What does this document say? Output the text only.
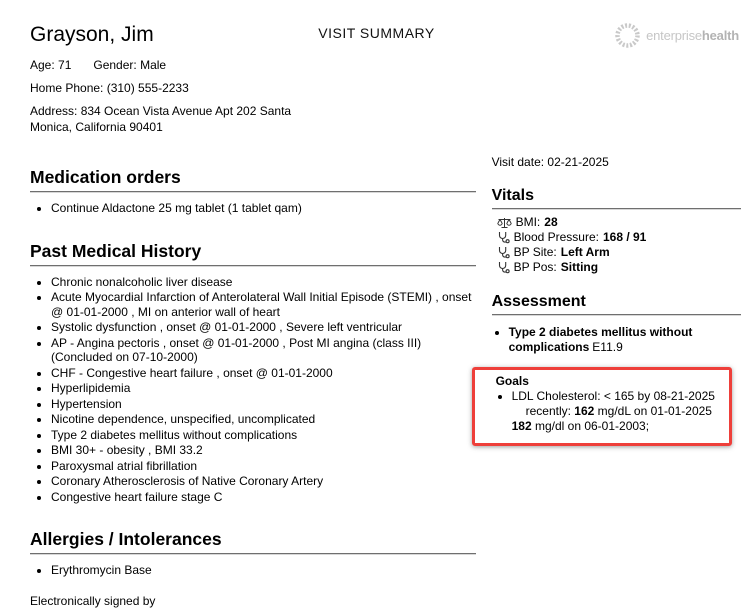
VISIT SUMMARY	enterprise health
Grayson, Jim
Age: 71 Gender: Male
Home Phone: (310) 555-2233
Address: 834 Ocean Vista Avenue Apt 202 Santa Monica, California 90401
Medication orders
• Continue Aldactone 25 mg tablet (1 tablet qam)
Past Medical History
• Chronic nonalcoholic liver disease
• Acute Myocardial Infarction of Anterolateral Wall Initial Episode (STEMI) , onset @ 01-01-2000 , MI on anterior wall of heart
• Systolic dysfunction , onset @ 01-01-2000 , Severe left ventricular
• AP - Angina pectoris , onset @ 01-01-2000 , Post MI angina (class III) (Concluded on 07-10-2000)
• CHF - Congestive heart failure , onset @ 01-01-2000
• Hyperlipidemia
• Hypertension
• Nicotine dependence, unspecified, uncomplicated
• Type 2 diabetes mellitus without complications
• BMI 30+ - obesity , BMI 33.2
• Paroxysmal atrial fibrillation
• Coronary Atherosclerosis of Native Coronary Artery
• Congestive heart failure stage C
Allergies / Intolerances
• Erythromycin Base
Electronically signed by
Visit date: 02-21-2025
Vitals
BMI: 28
Blood Pressure: 168 / 91
BP Site: Left Arm
BP Pos: Sitting
Assessment
• Type 2 diabetes mellitus without complications E11.9
Goals
• LDL Cholesterol: < 165 by 08-21-2025 recently: 162 mg/dL on 01-01-2025 182 mg/dl on 06-01-2003;
